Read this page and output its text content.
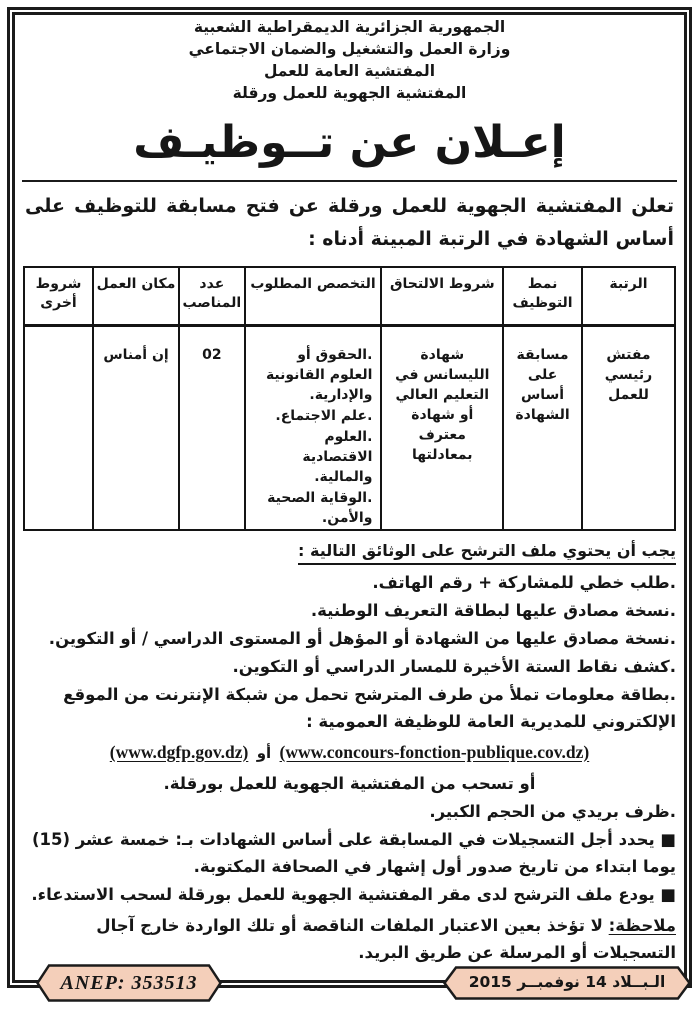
الجمهورية الجزائرية الديمقراطية الشعبية
وزارة العمل والتشغيل والضمان الاجتماعي
المفتشية العامة للعمل
المفتشية الجهوية للعمل ورقلة
إعـلان عن تــوظيـف

تعلن المفتشية الجهوية للعمل ورقلة عن فتح مسابقة للتوظيف على أساس الشهادة في الرتبة المبينة أدناه :

الرتبة	نمط التوظيف	شروط الالتحاق	التخصص المطلوب	عدد المناصب	مكان العمل	شروط أخرى
مفتش رئيسي للعمل	مسابقة على أساس الشهادة	شهادة الليسانس في التعليم العالي أو شهادة معترف بمعادلتها	.الحقوق أو العلوم القانونية والإدارية.
.علم الاجتماع.
.العلوم الاقتصادية والمالية.
.الوقاية الصحية والأمن.	02	إن أمناس	
يجب أن يحتوي ملف الترشح على الوثائق التالية :

.طلب خطي للمشاركة + رقم الهاتف.

.نسخة مصادق عليها لبطاقة التعريف الوطنية.

.نسخة مصادق عليها من الشهادة أو المؤهل أو المستوى الدراسي / أو التكوين.

.كشف نقاط الستة الأخيرة للمسار الدراسي أو التكوين.

.بطاقة معلومات تملأ من طرف المترشح تحمل من شبكة الإنترنت من الموقع الإلكتروني للمديرية العامة للوظيفة العمومية :

(www.concours-fonction-publique.cov.dz) أو (www.dgfp.gov.dz)

أو تسحب من المفتشية الجهوية للعمل بورقلة.

.ظرف بريدي من الحجم الكبير.

■ يحدد أجل التسجيلات في المسابقة على أساس الشهادات بـ: خمسة عشر (15) يوما ابتداء من تاريخ صدور أول إشهار في الصحافة المكتوبة.

■ يودع ملف الترشح لدى مقر المفتشية الجهوية للعمل بورقلة لسحب الاستدعاء.

ملاحظة: لا تؤخذ بعين الاعتبار الملفات الناقصة أو تلك الواردة خارج آجال التسجيلات أو المرسلة عن طريق البريد.

ANEP: 353513	الـبــلاد 14 نوفمبــر 2015
